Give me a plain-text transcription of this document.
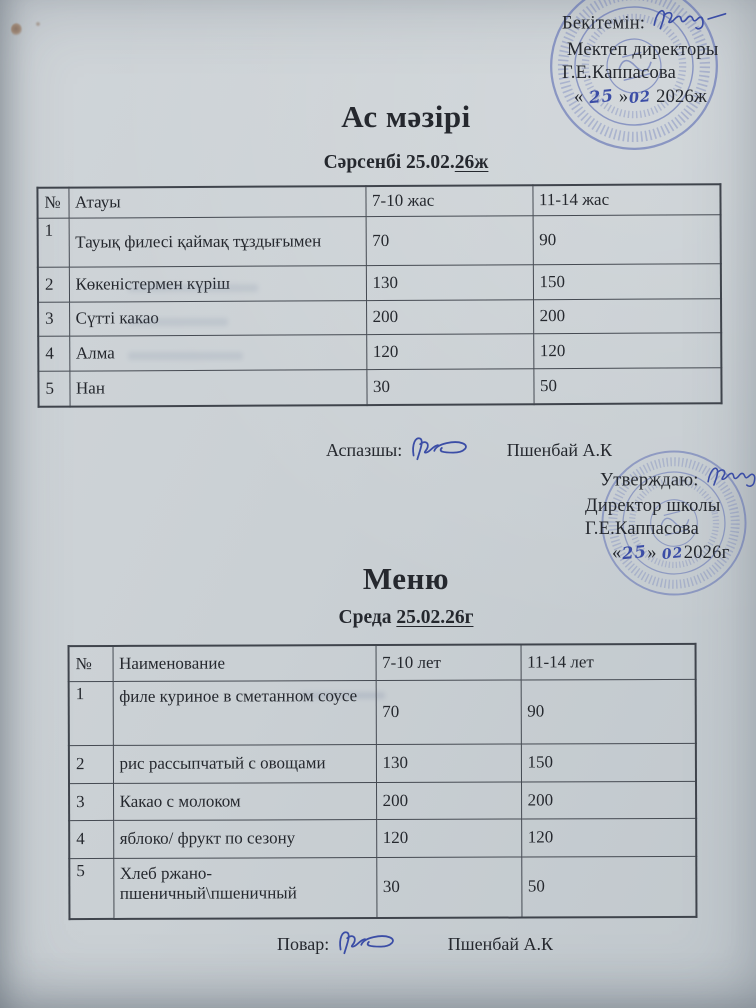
Бекітемін:
Мектеп директоры
Г.Е.Каппасова
« 25 »02 2026ж
Ас мәзірі
Сәрсенбі 25.02.26ж
№	Атауы	7-10 жас	11-14 жас
1	Тауық филесі қаймақ тұздығымен	70	90
2	Көкеністермен күріш	130	150
3	Сүтті какао	200	200
4	Алма	120	120
5	Нан	30	50
Аспазшы:	Пшенбай А.К
Утверждаю:
Директор школы
Г.Е.Каппасова
«25» 022026г
Меню
Среда 25.02.26г
№	Наименование	7-10 лет	11-14 лет
1	филе куриное в сметанном соусе	70	90
2	рис рассыпчатый с овощами	130	150
3	Какао с молоком	200	200
4	яблоко/ фрукт по сезону	120	120
5	Хлеб ржано-пшеничный\пшеничный	30	50
Повар:	Пшенбай А.К
